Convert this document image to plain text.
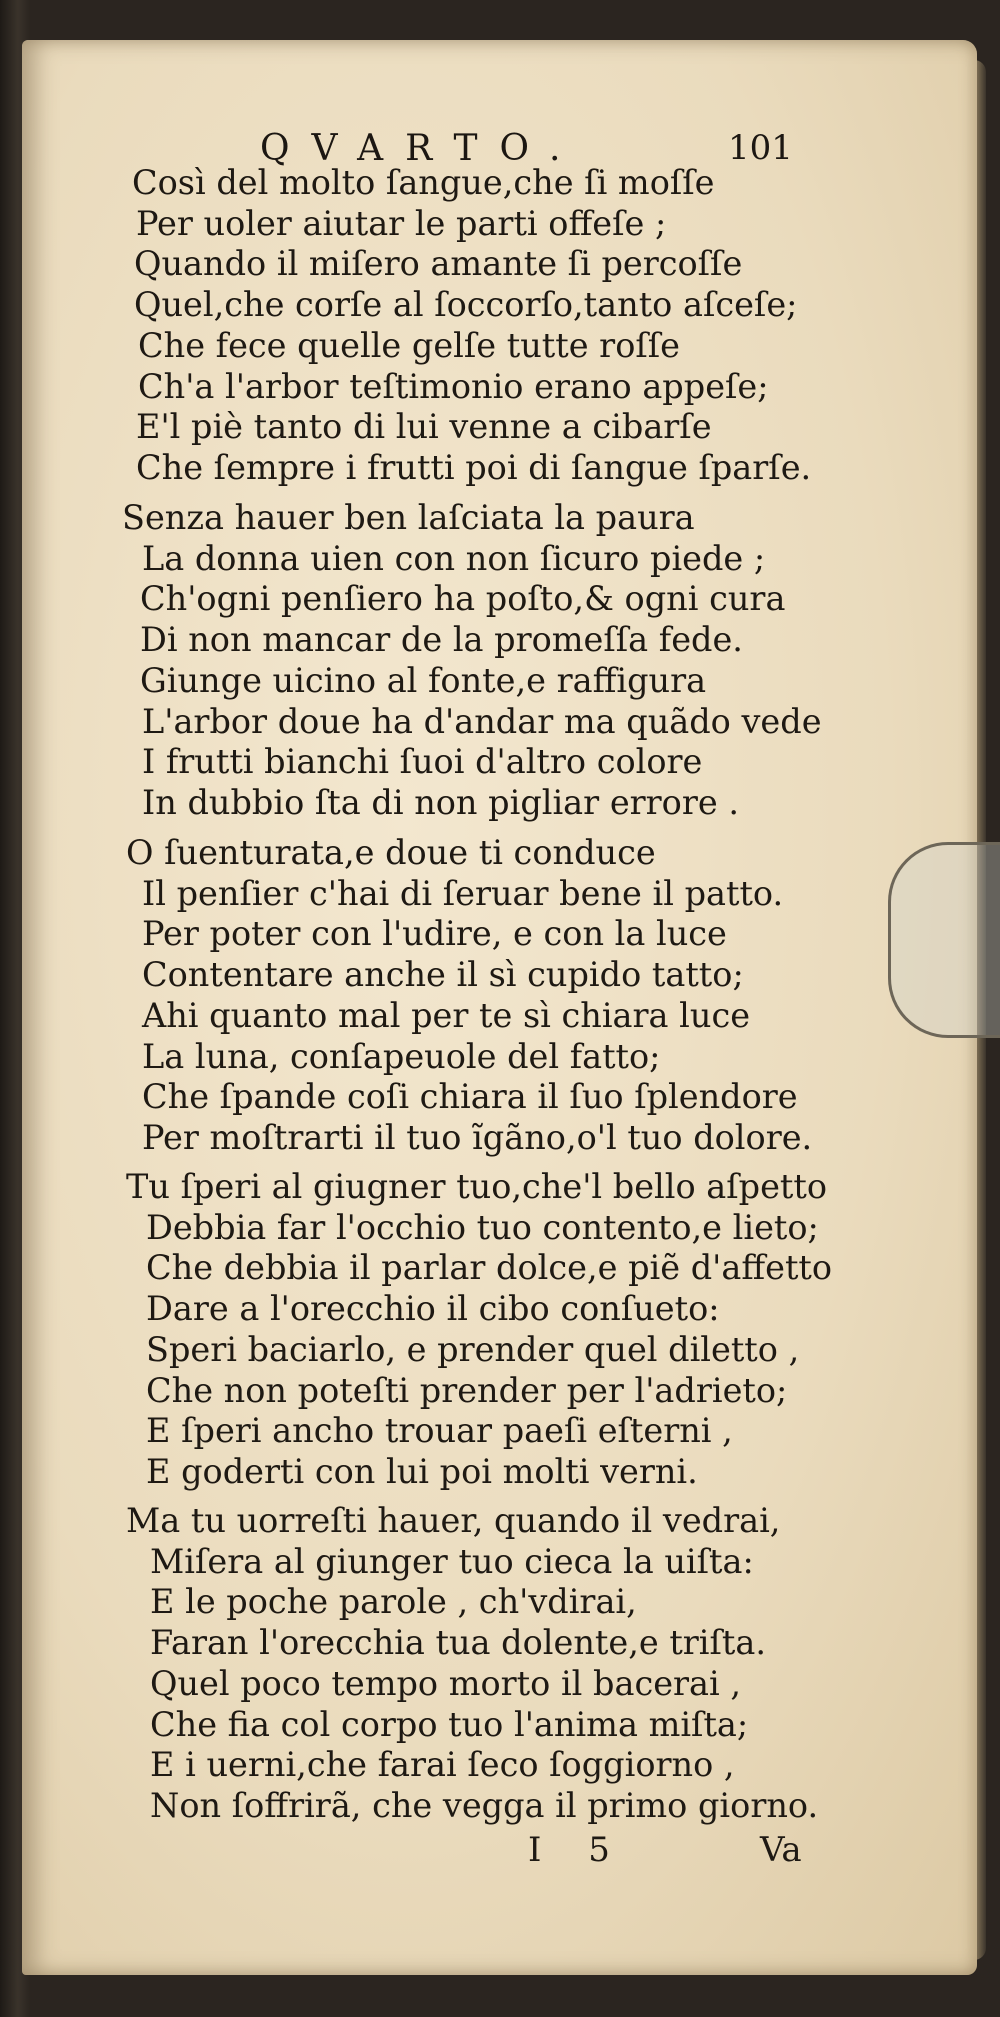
QVARTO.	101
Così del molto ſangue,che ſi moſſe
Per uoler aiutar le parti offeſe ;
Quando il miſero amante ſi percoſſe
Quel,che corſe al ſoccorſo,tanto aſceſe;
Che fece quelle gelſe tutte roſſe
Ch'a l'arbor teſtimonio erano appeſe;
E'l piè tanto di lui venne a cibarſe
Che ſempre i frutti poi di ſangue ſparſe.
Senza hauer ben laſciata la paura
La donna uien con non ſicuro piede ;
Ch'ogni penſiero ha poſto,& ogni cura
Di non mancar de la promeſſa fede.
Giunge uicino al fonte,e raffigura
L'arbor doue ha d'andar ma quãdo vede
I frutti bianchi ſuoi d'altro colore
In dubbio ſta di non pigliar errore .
O ſuenturata,e doue ti conduce
Il penſier c'hai di ſeruar bene il patto.
Per poter con l'udire, e con la luce
Contentare anche il sì cupido tatto;
Ahi quanto mal per te sì chiara luce
La luna, conſapeuole del fatto;
Che ſpande coſi chiara il ſuo ſplendore
Per moſtrarti il tuo ĩgãno,o'l tuo dolore.
Tu ſperi al giugner tuo,che'l bello aſpetto
Debbia far l'occhio tuo contento,e lieto;
Che debbia il parlar dolce,e piẽ d'affetto
Dare a l'orecchio il cibo conſueto:
Speri baciarlo, e prender quel diletto ,
Che non poteſti prender per l'adrieto;
E ſperi ancho trouar paeſi eſterni ,
E goderti con lui poi molti verni.
Ma tu uorreſti hauer, quando il vedrai,
Miſera al giunger tuo cieca la uiſta:
E le poche parole , ch'vdirai,
Faran l'orecchia tua dolente,e triſta.
Quel poco tempo morto il bacerai ,
Che fia col corpo tuo l'anima miſta;
E i uerni,che farai ſeco ſoggiorno ,
Non ſoffrirã, che vegga il primo giorno.
I 5	Va
